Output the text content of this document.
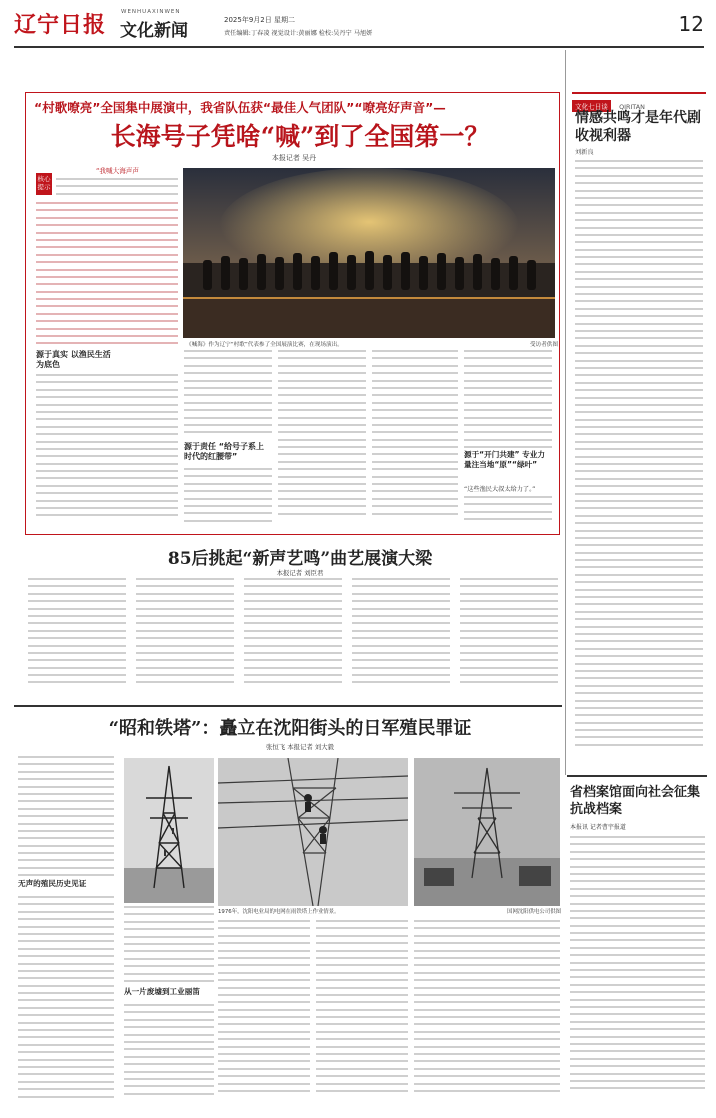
辽宁日报	WENHUAXINWEN
文化新闻
2025年9月2日 星期二
责任编辑:丁春凌 视觉设计:黄丽娜 检校:吴丹宁 马旭妍	12
“村歌嘹亮”全国集中展演中，我省队伍获“最佳人气团队”“嘹亮好声音”—
长海号子凭啥“喊”到了全国第一？
本报记者 吴丹
核心提示
“我喊大海声声
《喊海》作为辽宁“村歌”代表参了全国展演比赛，在现场演出。	受访者供图
源于真实 以渔民生活为底色
源于责任 “给号子系上时代的红腰带”	源于“开门共建” 专业力量注当地“原”“绿叶”
“这些渔民大叔太给力了。”
文化七日谈 QIRITAN
情感共鸣才是年代剧收视利器
刘新良
85后挑起“新声艺鸣”曲艺展演大梁
本报记者 刘臣君
“昭和铁塔”：矗立在沈阳街头的日军殖民罪证
张恒飞 本报记者 刘大毅
无声的殖民历史见证
从一片废墟到工业丽笛
1976年，沈阳电业局的电网在雨铁塔上作业情景。	国网沈阳供电公司供图
省档案馆面向社会征集抗战档案
本报讯 记者曹宇报道
